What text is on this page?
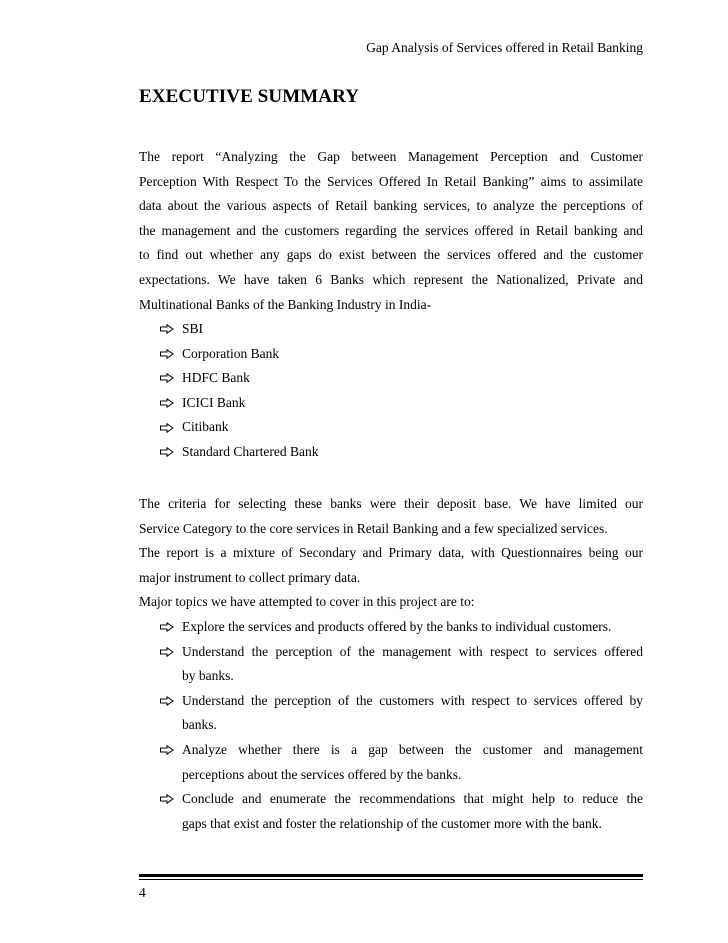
Gap Analysis of Services offered in Retail Banking
EXECUTIVE SUMMARY
The report “Analyzing the Gap between Management Perception and Customer
Perception With Respect To the Services Offered In Retail Banking” aims to assimilate
data about the various aspects of Retail banking services, to analyze the perceptions of
the management and the customers regarding the services offered in Retail banking and
to find out whether any gaps do exist between the services offered and the customer
expectations. We have taken 6 Banks which represent the Nationalized, Private and
Multinational Banks of the Banking Industry in India-
SBI
Corporation Bank
HDFC Bank
ICICI Bank
Citibank
Standard Chartered Bank
The criteria for selecting these banks were their deposit base. We have limited our
Service Category to the core services in Retail Banking and a few specialized services.
The report is a mixture of Secondary and Primary data, with Questionnaires being our
major instrument to collect primary data.
Major topics we have attempted to cover in this project are to:
Explore the services and products offered by the banks to individual customers.
Understand the perception of the management with respect to services offered
by banks.
Understand the perception of the customers with respect to services offered by
banks.
Analyze whether there is a gap between the customer and management
perceptions about the services offered by the banks.
Conclude and enumerate the recommendations that might help to reduce the
gaps that exist and foster the relationship of the customer more with the bank.
4
